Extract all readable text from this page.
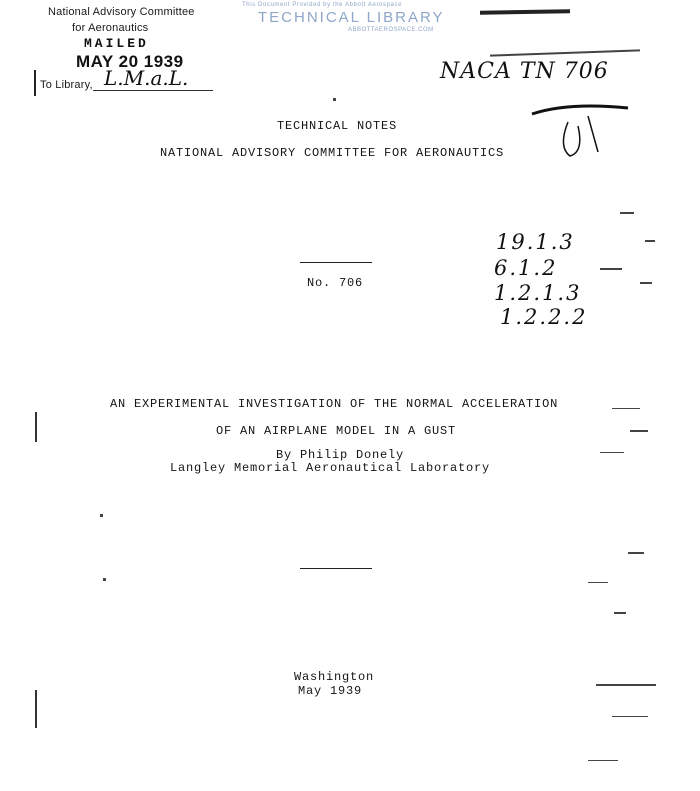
National Advisory Committee
for Aeronautics
MAILED
MAY 20 1939
To Library, L.M.a.L.
This Document Provided by the Abbott Aerospace
TECHNICAL LIBRARY
ABBOTTAEROSPACE.COM
NACA TN 706
TECHNICAL NOTES
NATIONAL ADVISORY COMMITTEE FOR AERONAUTICS
No. 706
19.1.3
6.1.2
1.2.1.3
1.2.2.2
AN EXPERIMENTAL INVESTIGATION OF THE NORMAL ACCELERATION
OF AN AIRPLANE MODEL IN A GUST
By Philip Donely
Langley Memorial Aeronautical Laboratory
Washington
May 1939
